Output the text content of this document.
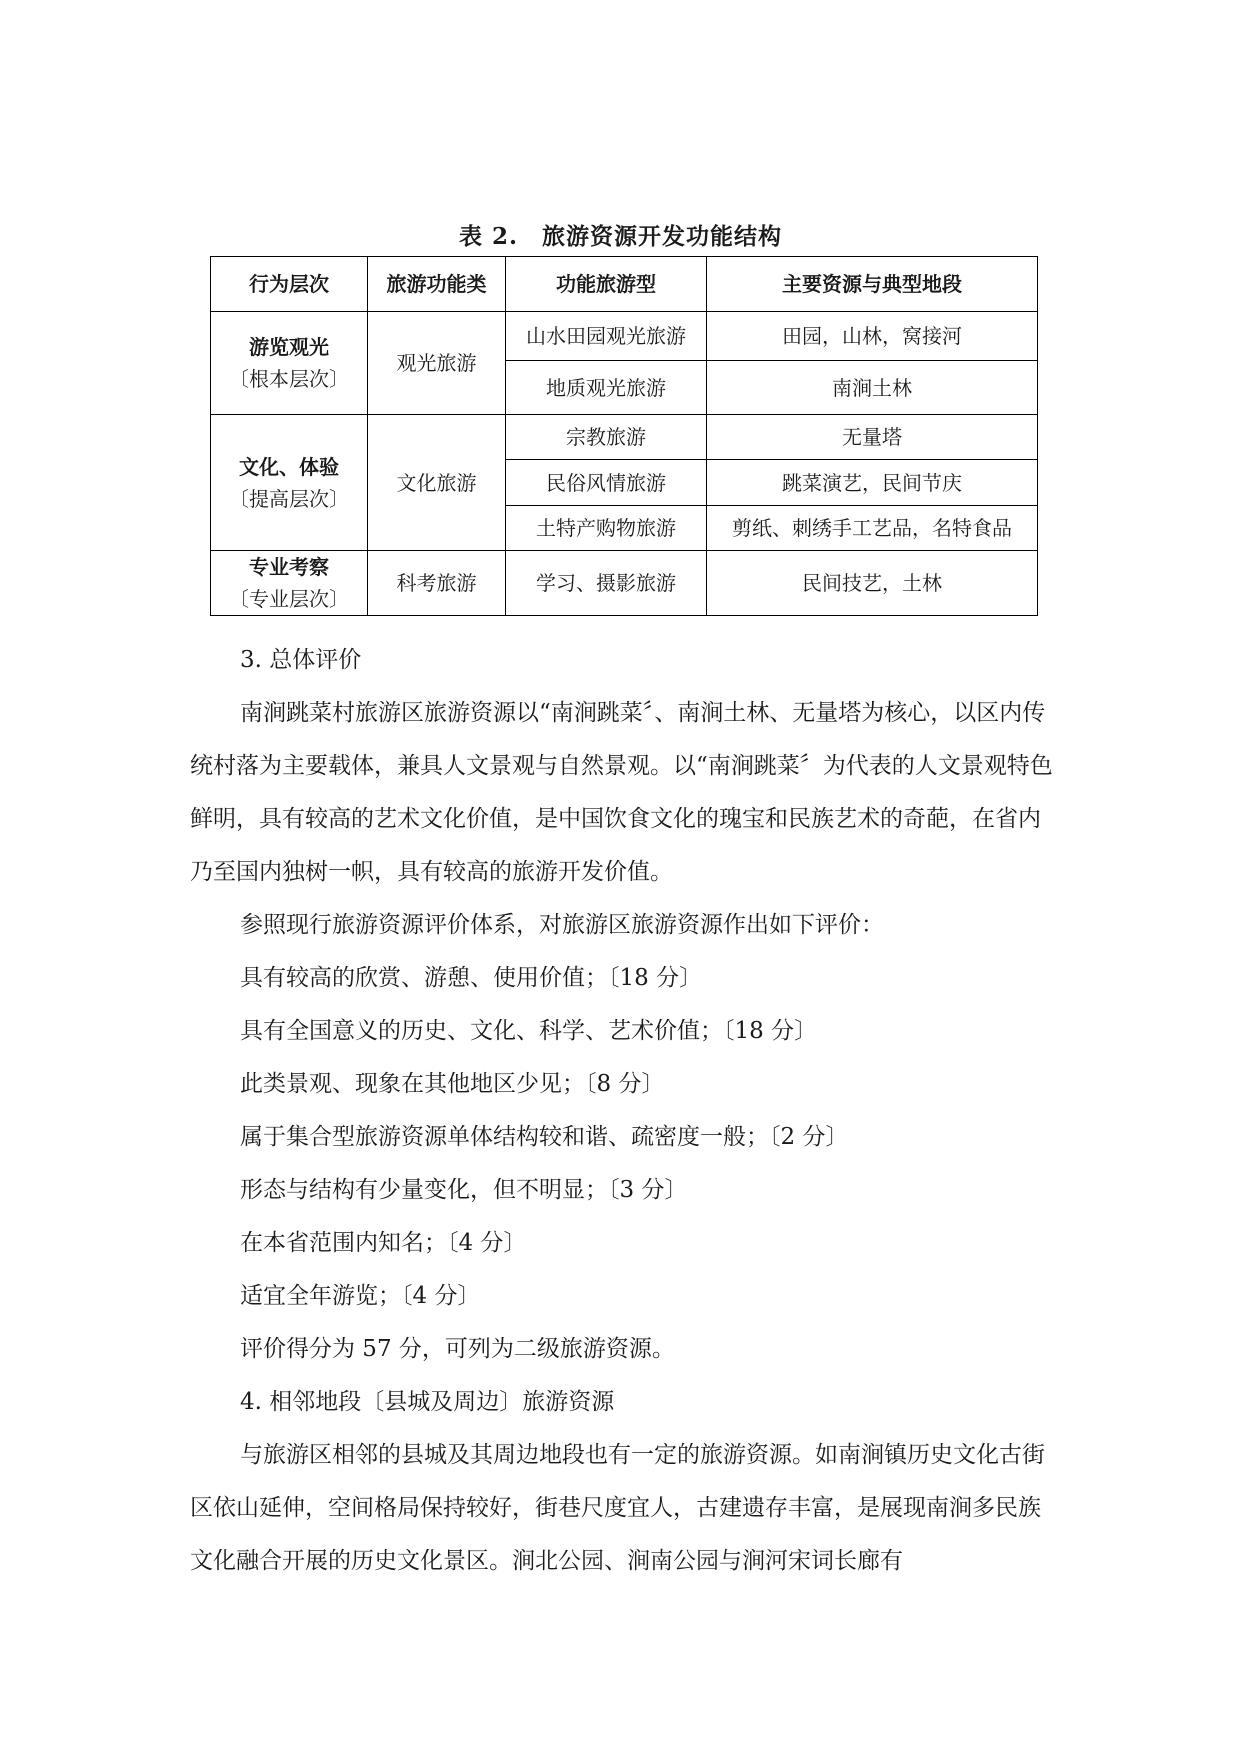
表 2.　旅游资源开发功能结构
行为层次	旅游功能类	功能旅游型	主要资源与典型地段

游览观光
〔根本层次〕	观光旅游	山水田园观光旅游	田园，山林，窝接河
		地质观光旅游	南涧土林

文化、体验
〔提高层次〕	文化旅游	宗教旅游	无量塔
		民俗风情旅游	跳菜演艺，民间节庆
		土特产购物旅游	剪纸、刺绣手工艺品，名特食品

专业考察
〔专业层次〕	科考旅游	学习、摄影旅游	民间技艺，土林

3. 总体评价

南涧跳菜村旅游区旅游资源以“南涧跳菜〞、南涧土林、无量塔为核心，以区内传统村落为主要载体，兼具人文景观与自然景观。以“南涧跳菜〞为代表的人文景观特色鲜明，具有较高的艺术文化价值，是中国饮食文化的瑰宝和民族艺术的奇葩，在省内乃至国内独树一帜，具有较高的旅游开发价值。

参照现行旅游资源评价体系，对旅游区旅游资源作出如下评价：

具有较高的欣赏、游憩、使用价值；〔18 分〕

具有全国意义的历史、文化、科学、艺术价值；〔18 分〕

此类景观、现象在其他地区少见；〔8 分〕

属于集合型旅游资源单体结构较和谐、疏密度一般；〔2 分〕

形态与结构有少量变化，但不明显；〔3 分〕

在本省范围内知名；〔4 分〕

适宜全年游览；〔4 分〕

评价得分为 57 分，可列为二级旅游资源。

4. 相邻地段〔县城及周边〕旅游资源

与旅游区相邻的县城及其周边地段也有一定的旅游资源。如南涧镇历史文化古街区依山延伸，空间格局保持较好，街巷尺度宜人，古建遗存丰富，是展现南涧多民族文化融合开展的历史文化景区。涧北公园、涧南公园与涧河宋词长廊有
